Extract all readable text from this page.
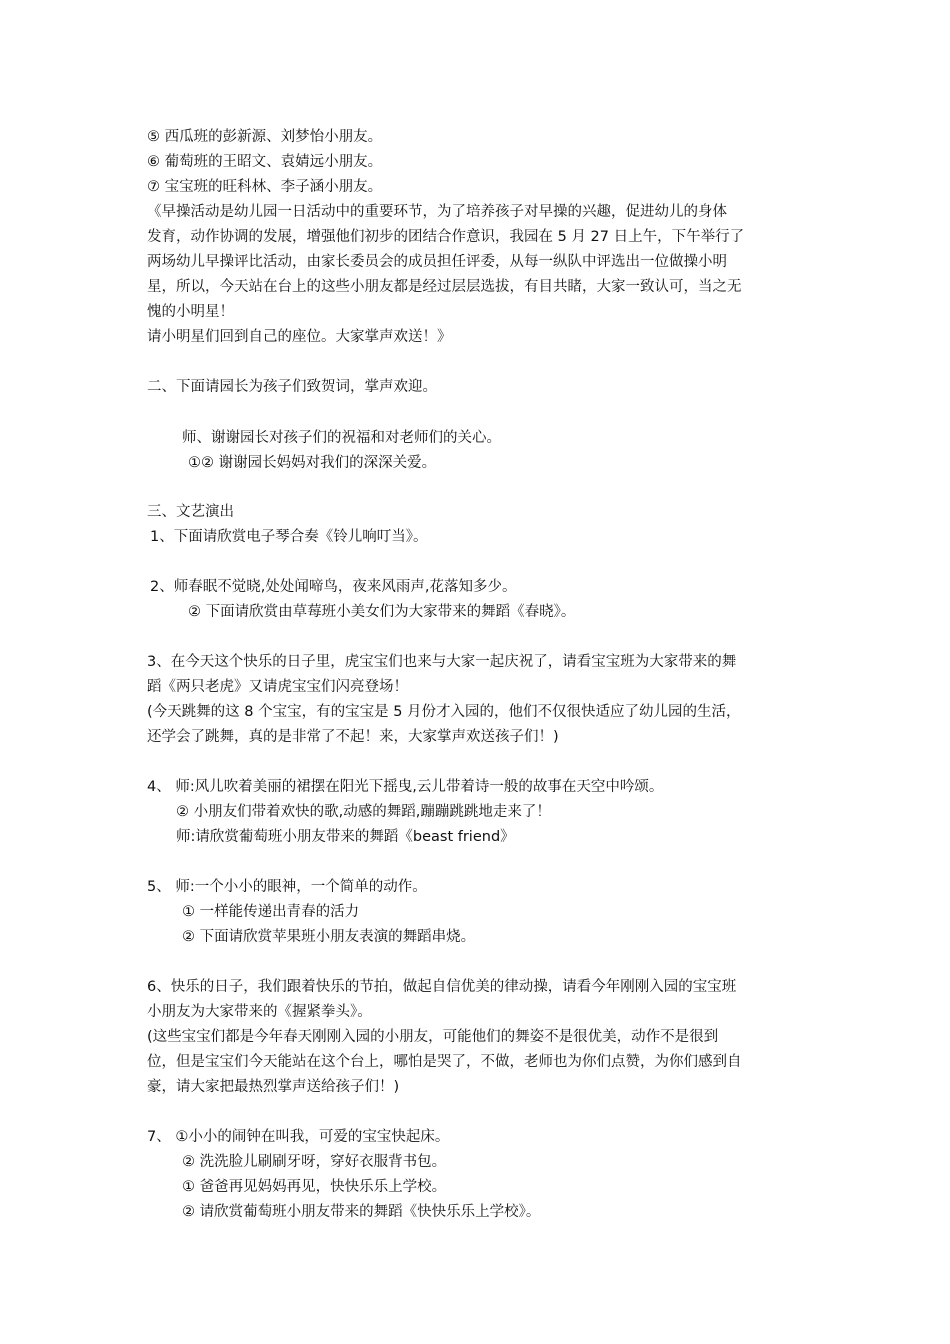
⑤ 西瓜班的彭新源、刘梦怡小朋友。
⑥ 葡萄班的王昭文、袁婧远小朋友。
⑦ 宝宝班的旺科林、李子涵小朋友。
《早操活动是幼儿园一日活动中的重要环节，为了培养孩子对早操的兴趣，促进幼儿的身体
发育，动作协调的发展，增强他们初步的团结合作意识，我园在 5 月 27 日上午，下午举行了
两场幼儿早操评比活动，由家长委员会的成员担任评委，从每一纵队中评选出一位做操小明
星，所以，今天站在台上的这些小朋友都是经过层层选拔，有目共睹，大家一致认可，当之无
愧的小明星！
请小明星们回到自己的座位。大家掌声欢送！》
二、下面请园长为孩子们致贺词，掌声欢迎。
师、谢谢园长对孩子们的祝福和对老师们的关心。
①② 谢谢园长妈妈对我们的深深关爱。
三、文艺演出
1、下面请欣赏电子琴合奏《铃儿响叮当》。
2、师春眠不觉晓,处处闻啼鸟，夜来风雨声,花落知多少。
② 下面请欣赏由草莓班小美女们为大家带来的舞蹈《春晓》。
3、在今天这个快乐的日子里，虎宝宝们也来与大家一起庆祝了，请看宝宝班为大家带来的舞
蹈《两只老虎》又请虎宝宝们闪亮登场！
(今天跳舞的这 8 个宝宝，有的宝宝是 5 月份才入园的，他们不仅很快适应了幼儿园的生活，
还学会了跳舞，真的是非常了不起！来，大家掌声欢送孩子们！)
4、 师:风儿吹着美丽的裙摆在阳光下摇曳,云儿带着诗一般的故事在天空中吟颂。
② 小朋友们带着欢快的歌,动感的舞蹈,蹦蹦跳跳地走来了！
师:请欣赏葡萄班小朋友带来的舞蹈《beast friend》
5、 师:一个小小的眼神，一个简单的动作。
① 一样能传递出青春的活力
② 下面请欣赏苹果班小朋友表演的舞蹈串烧。
6、快乐的日子，我们跟着快乐的节拍，做起自信优美的律动操，请看今年刚刚入园的宝宝班
小朋友为大家带来的《握紧拳头》。
(这些宝宝们都是今年春天刚刚入园的小朋友，可能他们的舞姿不是很优美，动作不是很到
位，但是宝宝们今天能站在这个台上，哪怕是哭了，不做，老师也为你们点赞，为你们感到自
豪，请大家把最热烈掌声送给孩子们！)
7、 ①小小的闹钟在叫我，可爱的宝宝快起床。
② 洗洗脸儿刷刷牙呀，穿好衣服背书包。
① 爸爸再见妈妈再见，快快乐乐上学校。
② 请欣赏葡萄班小朋友带来的舞蹈《快快乐乐上学校》。
